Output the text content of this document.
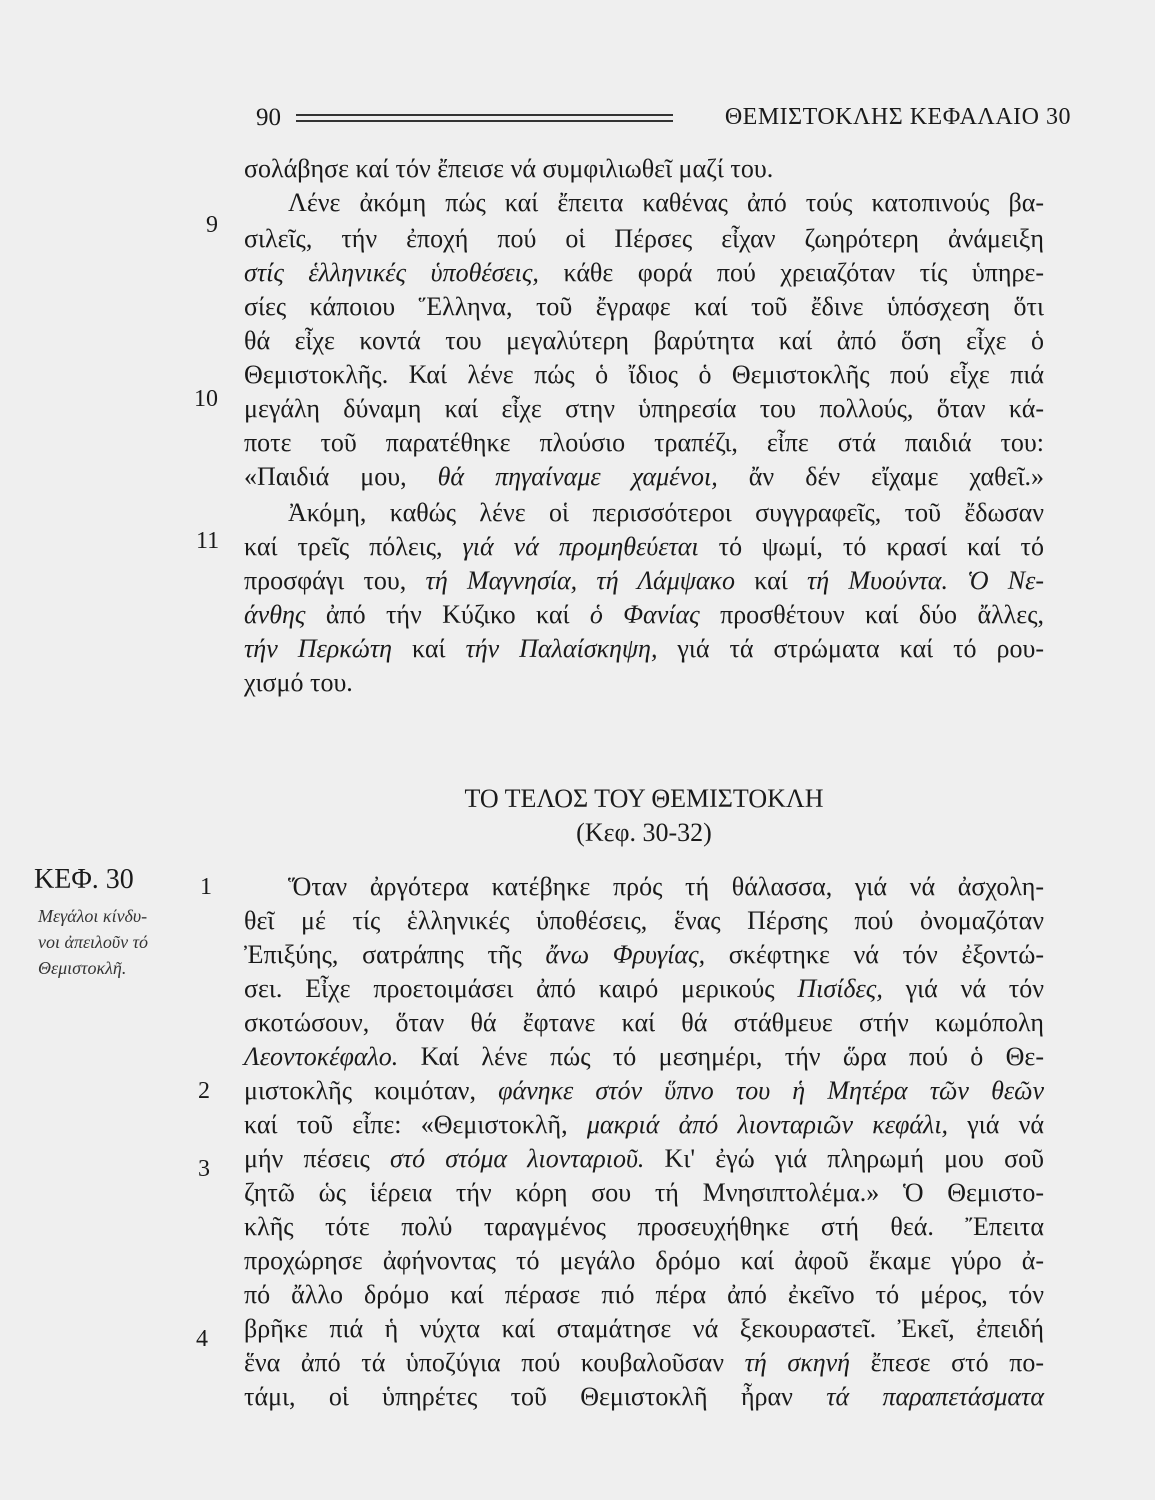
90	ΘΕΜΙΣΤΟΚΛΗΣ ΚΕΦΑΛΑΙΟ 30
9
10
11
1
2
3
4
ΚΕΦ. 30
Μεγάλοι κίνδυ-
νοι ἀπειλοῦν τό
Θεμιστοκλῆ.
ΤΟ ΤΕΛΟΣ ΤΟΥ ΘΕΜΙΣΤΟΚΛΗ
(Κεφ. 30-32)
σολάβησε καί τόν ἔπεισε νά συμφιλιωθεῖ μαζί του.
Λένε ἀκόμη πώς καί ἔπειτα καθένας ἀπό τούς κατοπινούς βα-
σιλεῖς, τήν ἐποχή πού οἱ Πέρσες εἶχαν ζωηρότερη ἀνάμειξη
στίς ἑλληνικές ὑποθέσεις, κάθε φορά πού χρειαζόταν τίς ὑπηρε-
σίες κάποιου Ἕλληνα, τοῦ ἔγραφε καί τοῦ ἔδινε ὑπόσχεση ὅτι
θά εἶχε κοντά του μεγαλύτερη βαρύτητα καί ἀπό ὅση εἶχε ὁ
Θεμιστοκλῆς. Καί λένε πώς ὁ ἴδιος ὁ Θεμιστοκλῆς πού εἶχε πιά
μεγάλη δύναμη καί εἶχε στην ὑπηρεσία του πολλούς, ὅταν κά-
ποτε τοῦ παρατέθηκε πλούσιο τραπέζι, εἶπε στά παιδιά του:
«Παιδιά μου, θά πηγαίναμε χαμένοι, ἄν δέν εἴχαμε χαθεῖ.»
Ἀκόμη, καθώς λένε οἱ περισσότεροι συγγραφεῖς, τοῦ ἔδωσαν
καί τρεῖς πόλεις, γιά νά προμηθεύεται τό ψωμί, τό κρασί καί τό
προσφάγι του, τή Μαγνησία, τή Λάμψακο καί τή Μυούντα. Ὁ Νε-
άνθης ἀπό τήν Κύζικο καί ὁ Φανίας προσθέτουν καί δύο ἄλλες,
τήν Περκώτη καί τήν Παλαίσκηψη, γιά τά στρώματα καί τό ρου-
χισμό του.
Ὅταν ἀργότερα κατέβηκε πρός τή θάλασσα, γιά νά ἀσχολη-
θεῖ μέ τίς ἑλληνικές ὑποθέσεις, ἕνας Πέρσης πού ὀνομαζόταν
Ἐπιξύης, σατράπης τῆς ἄνω Φρυγίας, σκέφτηκε νά τόν ἐξοντώ-
σει. Εἶχε προετοιμάσει ἀπό καιρό μερικούς Πισίδες, γιά νά τόν
σκοτώσουν, ὅταν θά ἔφτανε καί θά στάθμευε στήν κωμόπολη
Λεοντοκέφαλο. Καί λένε πώς τό μεσημέρι, τήν ὥρα πού ὁ Θε-
μιστοκλῆς κοιμόταν, φάνηκε στόν ὕπνο του ἡ Μητέρα τῶν θεῶν
καί τοῦ εἶπε: «Θεμιστοκλῆ, μακριά ἀπό λιονταριῶν κεφάλι, γιά νά
μήν πέσεις στό στόμα λιονταριοῦ. Κι' ἐγώ γιά πληρωμή μου σοῦ
ζητῶ ὡς ἱέρεια τήν κόρη σου τή Μνησιπτολέμα.» Ὁ Θεμιστο-
κλῆς τότε πολύ ταραγμένος προσευχήθηκε στή θεά. Ἔπειτα
προχώρησε ἀφήνοντας τό μεγάλο δρόμο καί ἀφοῦ ἔκαμε γύρο ἀ-
πό ἄλλο δρόμο καί πέρασε πιό πέρα ἀπό ἐκεῖνο τό μέρος, τόν
βρῆκε πιά ἡ νύχτα καί σταμάτησε νά ξεκουραστεῖ. Ἐκεῖ, ἐπειδή
ἕνα ἀπό τά ὑποζύγια πού κουβαλοῦσαν τή σκηνή ἔπεσε στό πο-
τάμι, οἱ ὑπηρέτες τοῦ Θεμιστοκλῆ ἦραν τά παραπετάσματα
